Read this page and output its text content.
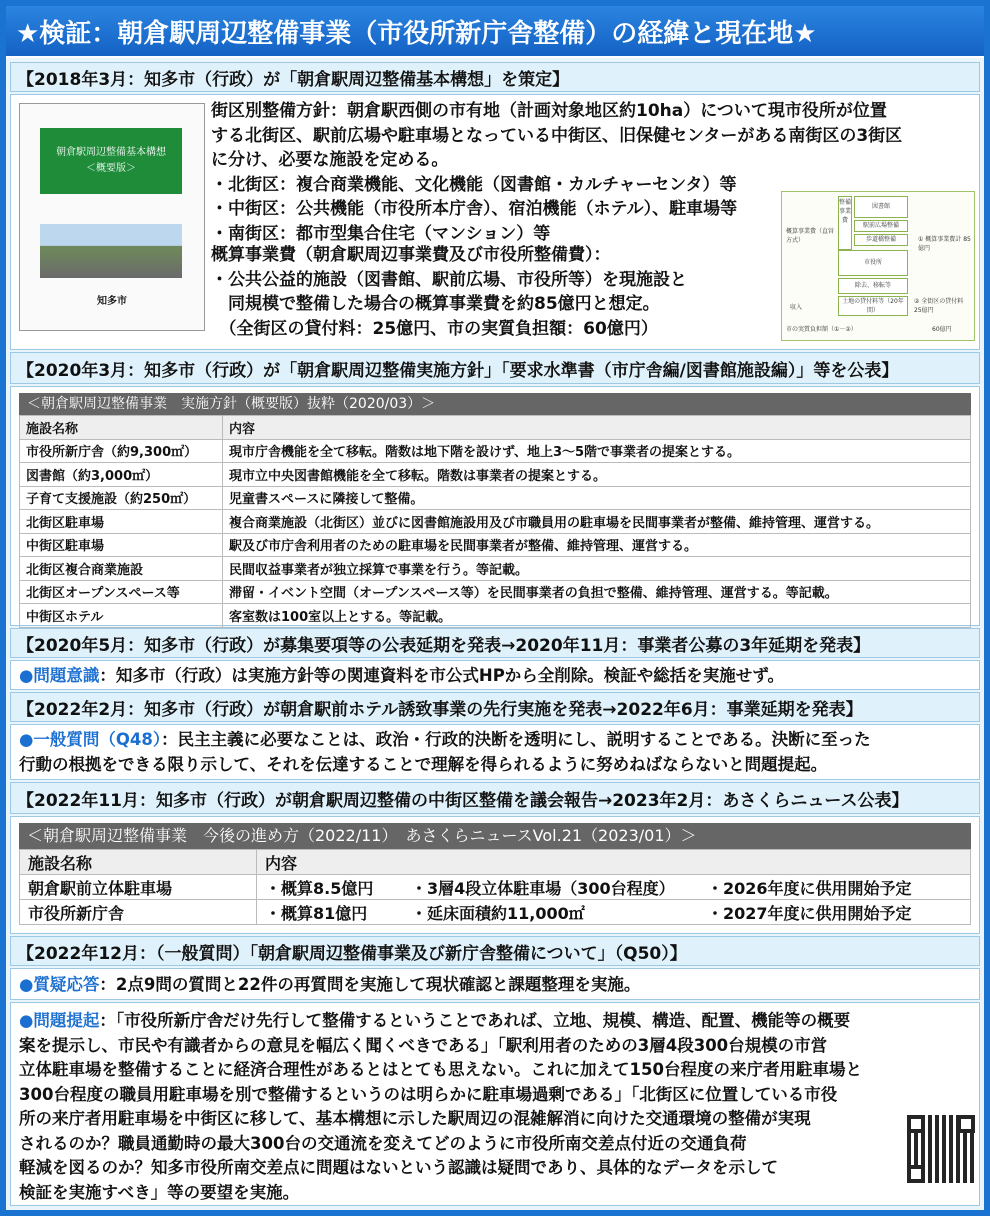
★検証：朝倉駅周辺整備事業（市役所新庁舎整備）の経緯と現在地★
【2018年3月：知多市（行政）が「朝倉駅周辺整備基本構想」を策定】
朝倉駅周辺整備基本構想
＜概要版＞
知多市
街区別整備方針：朝倉駅西側の市有地（計画対象地区約10ha）について現市役所が位置
する北街区、駅前広場や駐車場となっている中街区、旧保健センターがある南街区の3街区
に分け、必要な施設を定める。
・北街区：複合商業機能、文化機能（図書館・カルチャーセンタ）等
・中街区：公共機能（市役所本庁舎）、宿泊機能（ホテル）、駐車場等
・南街区：都市型集合住宅（マンション）等
概算事業費（朝倉駅周辺事業費及び市役所整備費）：
・公共公益的施設（図書館、駅前広場、市役所等）を現施設と
　同規模で整備した場合の概算事業費を約85億円と想定。
　（全街区の貸付料：25億円、市の実質負担額：60億円）
概算事業費（直営方式）
整備事業費
図書館
駅前広場整備
歩道橋整備
市役所
除去、移転等
① 概算事業費計 85億円
収入
土地の貸付料等（20年間）
② 全街区の貸付料 25億円
市の実質負担額（①－②）	60億円
【2020年3月：知多市（行政）が「朝倉駅周辺整備実施方針」「要求水準書（市庁舎編/図書館施設編）」等を公表】
＜朝倉駅周辺整備事業　実施方針（概要版）抜粋（2020/03）＞
施設名称	内容
市役所新庁舎（約9,300㎡）	現市庁舎機能を全て移転。階数は地下階を設けず、地上3～5階で事業者の提案とする。
図書館（約3,000㎡）	現市立中央図書館機能を全て移転。階数は事業者の提案とする。
子育て支援施設（約250㎡）	児童書スペースに隣接して整備。
北街区駐車場	複合商業施設（北街区）並びに図書館施設用及び市職員用の駐車場を民間事業者が整備、維持管理、運営する。
中街区駐車場	駅及び市庁舎利用者のための駐車場を民間事業者が整備、維持管理、運営する。
北街区複合商業施設	民間収益事業者が独立採算で事業を行う。等記載。
北街区オープンスペース等	滞留・イベント空間（オープンスペース等）を民間事業者の負担で整備、維持管理、運営する。等記載。
中街区ホテル	客室数は100室以上とする。等記載。
【2020年5月：知多市（行政）が募集要項等の公表延期を発表→2020年11月：事業者公募の3年延期を発表】
●問題意識：知多市（行政）は実施方針等の関連資料を市公式HPから全削除。検証や総括を実施せず。
【2022年2月：知多市（行政）が朝倉駅前ホテル誘致事業の先行実施を発表→2022年6月：事業延期を発表】
●一般質問（Q48）：民主主義に必要なことは、政治・行政的決断を透明にし、説明することである。決断に至った
行動の根拠をできる限り示して、それを伝達することで理解を得られるように努めねばならないと問題提起。
【2022年11月：知多市（行政）が朝倉駅周辺整備の中街区整備を議会報告→2023年2月：あさくらニュース公表】
＜朝倉駅周辺整備事業　今後の進め方（2022/11）　あさくらニュースVol.21（2023/01）＞
施設名称	内容		
朝倉駅前立体駐車場	・概算8.5億円	・3層4段立体駐車場（300台程度）	・2026年度に供用開始予定
市役所新庁舎	・概算81億円	・延床面積約11,000㎡	・2027年度に供用開始予定
【2022年12月：（一般質問）「朝倉駅周辺整備事業及び新庁舎整備について」（Q50）】
●質疑応答：2点9問の質問と22件の再質問を実施して現状確認と課題整理を実施。
●問題提起：「市役所新庁舎だけ先行して整備するということであれば、立地、規模、構造、配置、機能等の概要
案を提示し、市民や有識者からの意見を幅広く聞くべきである」「駅利用者のための3層4段300台規模の市営
立体駐車場を整備することに経済合理性があるとはとても思えない。これに加えて150台程度の来庁者用駐車場と
300台程度の職員用駐車場を別で整備するというのは明らかに駐車場過剰である」「北街区に位置している市役
所の来庁者用駐車場を中街区に移して、基本構想に示した駅周辺の混雑解消に向けた交通環境の整備が実現
されるのか？職員通勤時の最大300台の交通流を変えてどのように市役所南交差点付近の交通負荷
軽減を図るのか？知多市役所南交差点に問題はないという認識は疑問であり、具体的なデータを示して
検証を実施すべき」等の要望を実施。
